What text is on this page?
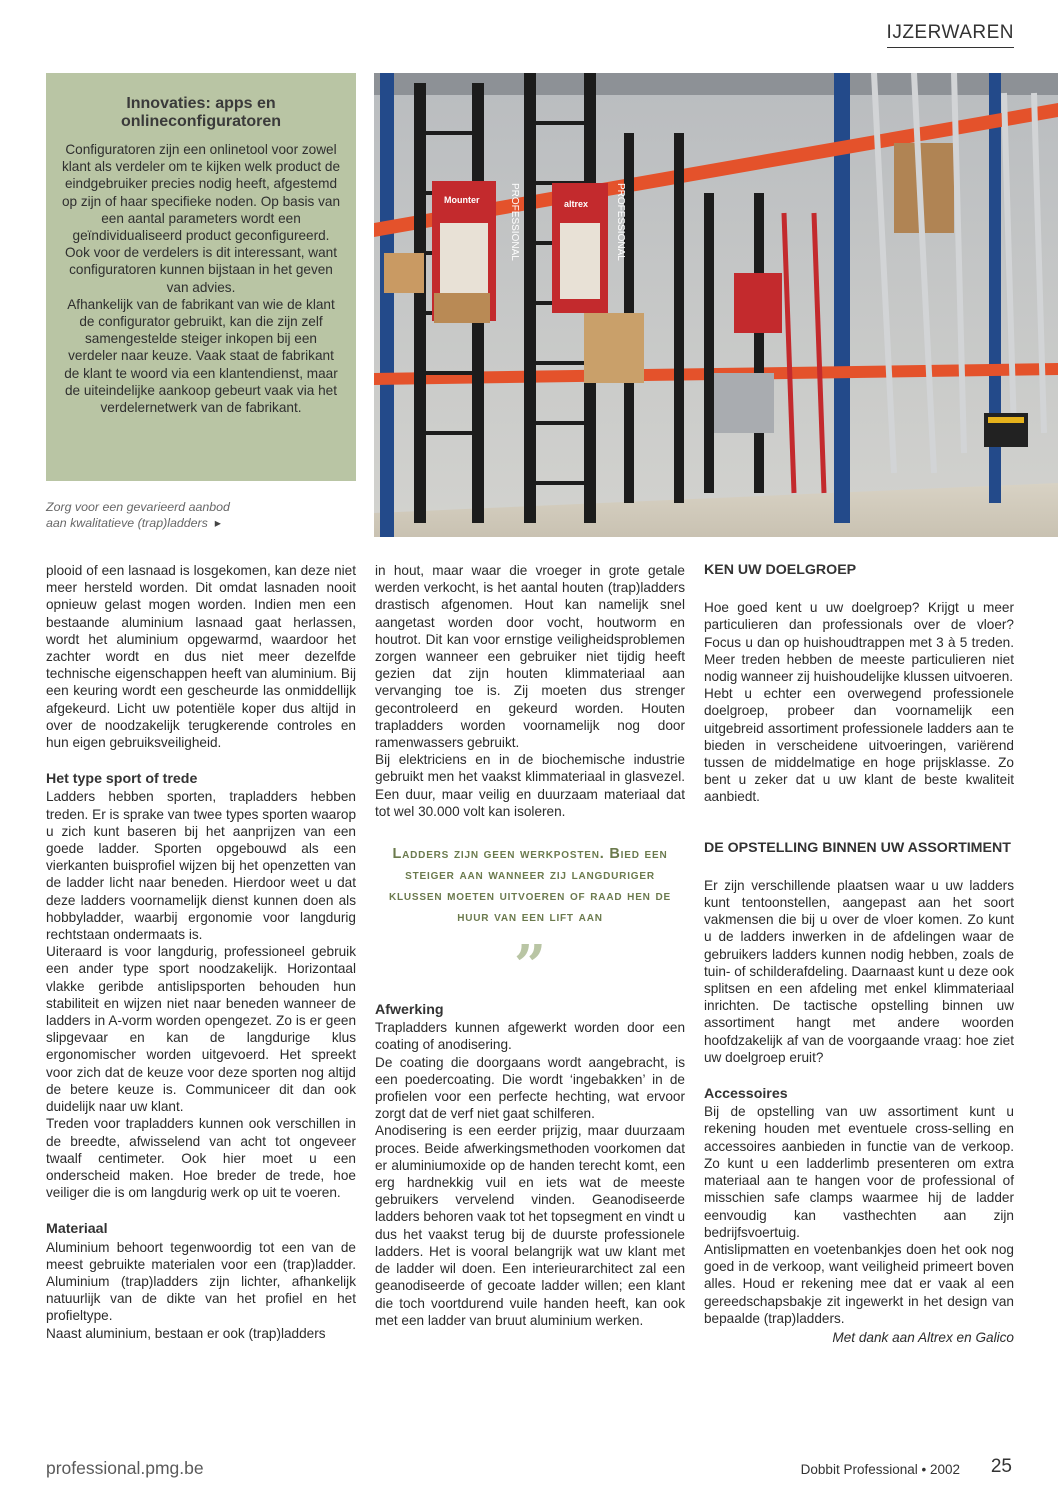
IJZERWAREN
Innovaties: apps en onlineconfiguratoren

Configuratoren zijn een onlinetool voor zowel klant als verdeler om te kijken welk product de eindgebruiker precies nodig heeft, afgestemd op zijn of haar specifieke noden. Op basis van een aantal parameters wordt een geïndividualiseerd product geconfigureerd.

Ook voor de verdelers is dit interessant, want configuratoren kunnen bijstaan in het geven van advies.

Afhankelijk van de fabrikant van wie de klant de configurator gebruikt, kan die zijn zelf samengestelde steiger inkopen bij een verdeler naar keuze. Vaak staat de fabrikant de klant te woord via een klantendienst, maar de uiteindelijke aankoop gebeurt vaak via het verdelernetwerk van de fabrikant.

Zorg voor een gevarieerd aanbod
aan kwalitatieve (trap)ladders ▸
Mounter	altrex
PROFESSIONAL	PROFESSIONAL

plooid of een lasnaad is losgekomen, kan deze niet meer hersteld worden. Dit omdat lasnaden nooit opnieuw gelast mogen worden. Indien men een bestaande aluminium lasnaad gaat herlassen, wordt het aluminium opgewarmd, waardoor het zachter wordt en dus niet meer dezelfde technische eigenschappen heeft van aluminium. Bij een keuring wordt een gescheurde las onmiddellijk afgekeurd. Licht uw potentiële koper dus altijd in over de noodzakelijk terugkerende controles en hun eigen gebruiksveiligheid.

Het type sport of trede

Ladders hebben sporten, trapladders hebben treden. Er is sprake van twee types sporten waarop u zich kunt baseren bij het aanprijzen van een goede ladder. Sporten opgebouwd als een vierkanten buisprofiel wijzen bij het openzetten van de ladder licht naar beneden. Hierdoor weet u dat deze ladders voornamelijk dienst kunnen doen als hobbyladder, waarbij ergonomie voor langdurig rechtstaan ondermaats is.

Uiteraard is voor langdurig, professioneel gebruik een ander type sport noodzakelijk. Horizontaal vlakke geribde antislipsporten behouden hun stabiliteit en wijzen niet naar beneden wanneer de ladders in A-vorm worden opengezet. Zo is er geen slipgevaar en kan de langdurige klus ergonomischer worden uitgevoerd. Het spreekt voor zich dat de keuze voor deze sporten nog altijd de betere keuze is. Communiceer dit dan ook duidelijk naar uw klant.

Treden voor trapladders kunnen ook verschillen in de breedte, afwisselend van acht tot ongeveer twaalf centimeter. Ook hier moet u een onderscheid maken. Hoe breder de trede, hoe veiliger die is om langdurig werk op uit te voeren.

Materiaal

Aluminium behoort tegenwoordig tot een van de meest gebruikte materialen voor een (trap)ladder. Aluminium (trap)ladders zijn lichter, afhankelijk natuurlijk van de dikte van het profiel en het profieltype.

Naast aluminium, bestaan er ook (trap)ladders

in hout, maar waar die vroeger in grote getale werden verkocht, is het aantal houten (trap)ladders drastisch afgenomen. Hout kan namelijk snel aangetast worden door vocht, houtworm en houtrot. Dit kan voor ernstige veiligheidsproblemen zorgen wanneer een gebruiker niet tijdig heeft gezien dat zijn houten klimmateriaal aan vervanging toe is. Zij moeten dus strenger gecontroleerd en gekeurd worden. Houten trapladders worden voornamelijk nog door ramenwassers gebruikt.

Bij elektriciens en in de biochemische industrie gebruikt men het vaakst klimmateriaal in glasvezel. Een duur, maar veilig en duurzaam materiaal dat tot wel 30.000 volt kan isoleren.

Ladders zijn geen werkposten. Bied een steiger aan wanneer zij langduriger klussen moeten uitvoeren of raad hen de huur van een lift aan
”
Afwerking

Trapladders kunnen afgewerkt worden door een coating of anodisering.

De coating die doorgaans wordt aangebracht, is een poedercoating. Die wordt ‘ingebakken’ in de profielen voor een perfecte hechting, wat ervoor zorgt dat de verf niet gaat schilferen.

Anodisering is een eerder prijzig, maar duurzaam proces. Beide afwerkingsmethoden voorkomen dat er aluminiumoxide op de handen terecht komt, een erg hardnekkig vuil en iets wat de meeste gebruikers vervelend vinden. Geanodiseerde ladders behoren vaak tot het topsegment en vindt u dus het vaakst terug bij de duurste professionele ladders. Het is vooral belangrijk wat uw klant met de ladder wil doen. Een interieurarchitect zal een geanodiseerde of gecoate ladder willen; een klant die toch voortdurend vuile handen heeft, kan ook met een ladder van bruut aluminium werken.

KEN UW DOELGROEP

Hoe goed kent u uw doelgroep? Krijgt u meer particulieren dan professionals over de vloer? Focus u dan op huishoudtrappen met 3 à 5 treden. Meer treden hebben de meeste particulieren niet nodig wanneer zij huishoudelijke klussen uitvoeren.

Hebt u echter een overwegend professionele doelgroep, probeer dan voornamelijk een uitgebreid assortiment professionele ladders aan te bieden in verscheidene uitvoeringen, variërend tussen de middelmatige en hoge prijsklasse. Zo bent u zeker dat u uw klant de beste kwaliteit aanbiedt.

DE OPSTELLING BINNEN UW ASSORTIMENT

Er zijn verschillende plaatsen waar u uw ladders kunt tentoonstellen, aangepast aan het soort vakmensen die bij u over de vloer komen. Zo kunt u de ladders inwerken in de afdelingen waar de gebruikers ladders kunnen nodig hebben, zoals de tuin- of schilderafdeling. Daarnaast kunt u deze ook splitsen en een afdeling met enkel klimmateriaal inrichten. De tactische opstelling binnen uw assortiment hangt met andere woorden hoofdzakelijk af van de voorgaande vraag: hoe ziet uw doelgroep eruit?

Accessoires

Bij de opstelling van uw assortiment kunt u rekening houden met eventuele cross-selling en accessoires aanbieden in functie van de verkoop. Zo kunt u een ladderlimb presenteren om extra materiaal aan te hangen voor de professional of misschien safe clamps waarmee hij de ladder eenvoudig kan vasthechten aan zijn bedrijfsvoertuig.

Antislipmatten en voetenbankjes doen het ook nog goed in de verkoop, want veiligheid primeert boven alles. Houd er rekening mee dat er vaak al een gereedschapsbakje zit ingewerkt in het design van bepaalde (trap)ladders.

Met dank aan Altrex en Galico

professional.pmg.be	Dobbit Professional • 2002 25
